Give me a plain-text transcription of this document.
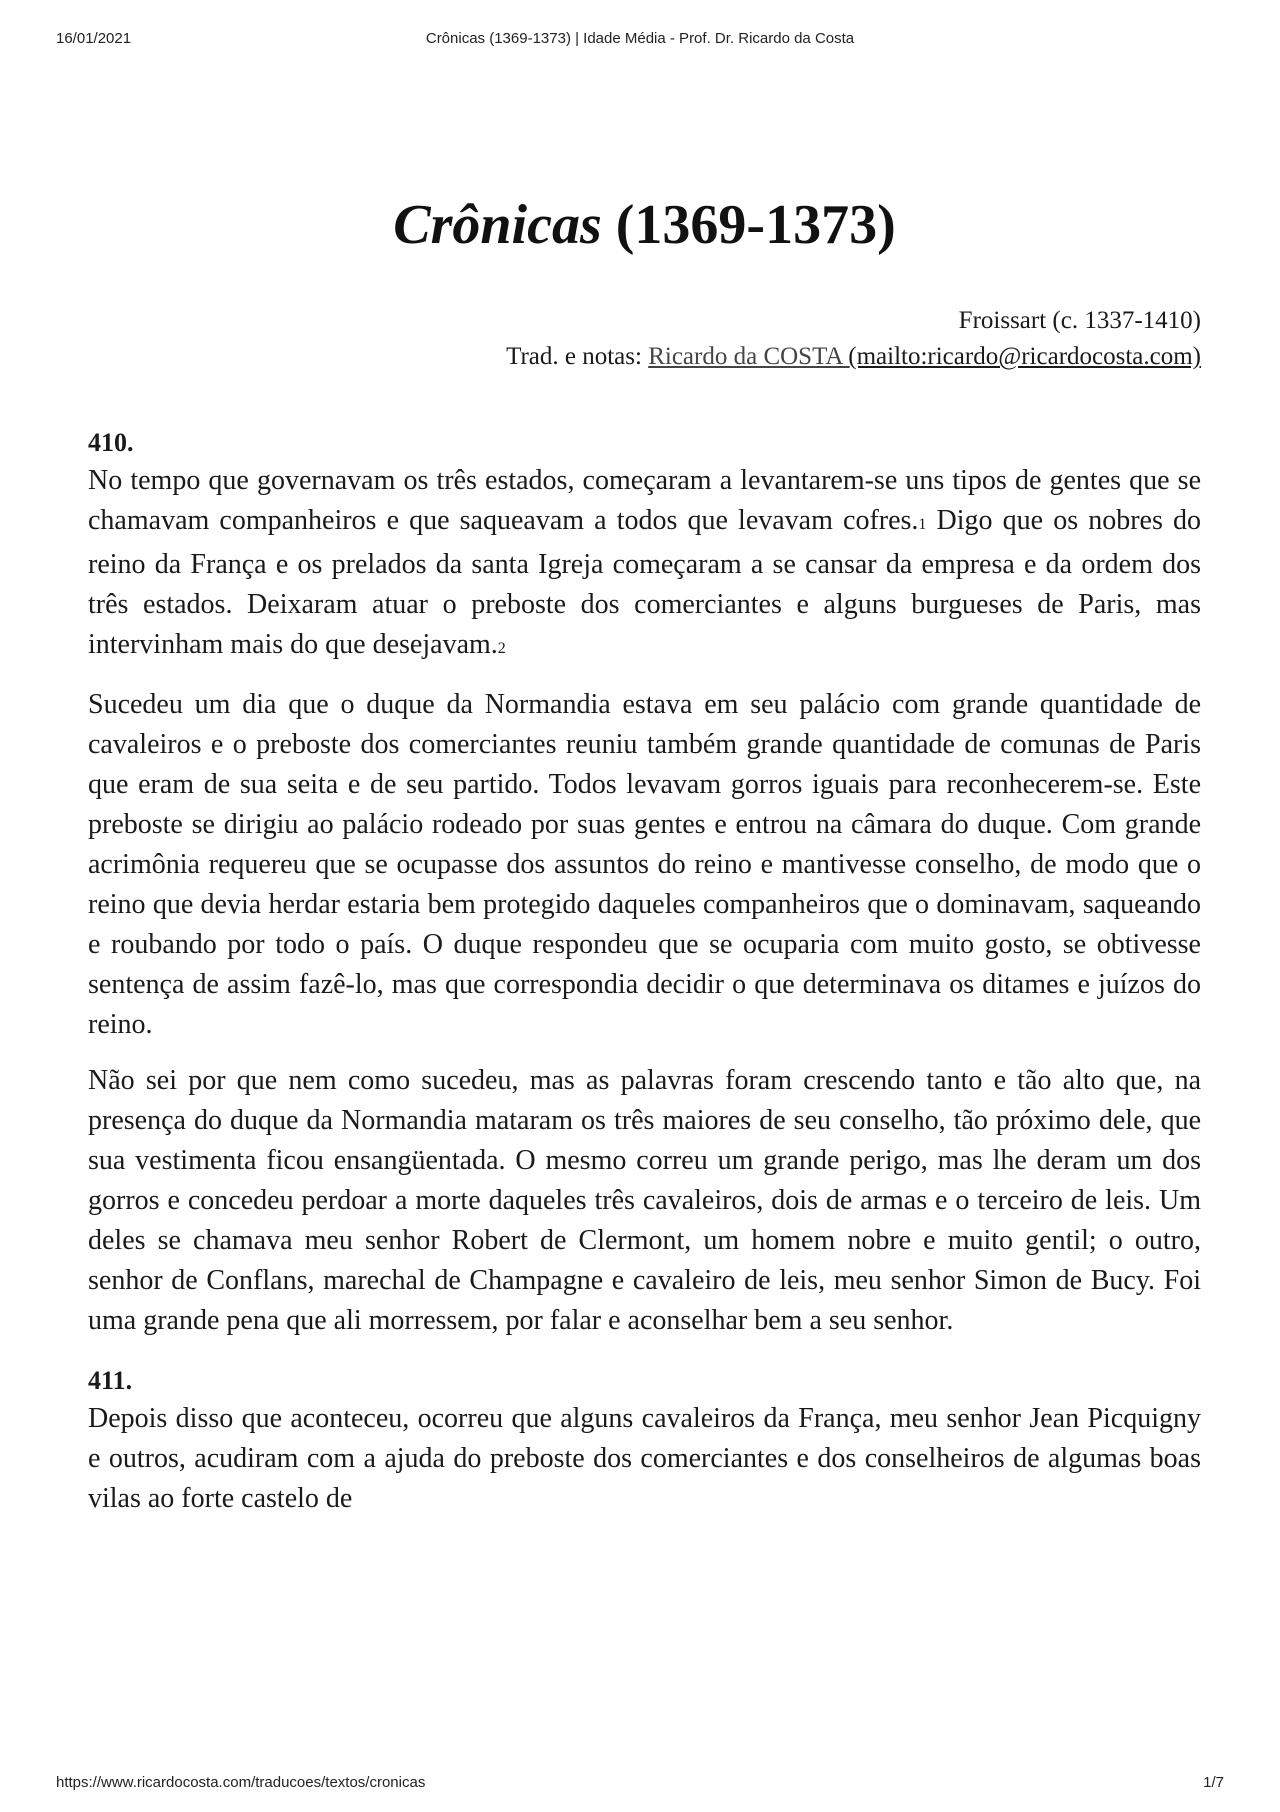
16/01/2021	Crônicas (1369-1373) | Idade Média - Prof. Dr. Ricardo da Costa
Crônicas (1369-1373)
Froissart (c. 1337-1410)
Trad. e notas: Ricardo da COSTA (mailto:ricardo@ricardocosta.com)
410.

No tempo que governavam os três estados, começaram a levantarem-se uns tipos de gentes que se chamavam companheiros e que saqueavam a todos que levavam cofres.1 Digo que os nobres do reino da França e os prelados da santa Igreja começaram a se cansar da empresa e da ordem dos três estados. Deixaram atuar o preboste dos comerciantes e alguns burgueses de Paris, mas intervinham mais do que desejavam.2

Sucedeu um dia que o duque da Normandia estava em seu palácio com grande quantidade de cavaleiros e o preboste dos comerciantes reuniu também grande quantidade de comunas de Paris que eram de sua seita e de seu partido. Todos levavam gorros iguais para reconhecerem-se. Este preboste se dirigiu ao palácio rodeado por suas gentes e entrou na câmara do duque. Com grande acrimônia requereu que se ocupasse dos assuntos do reino e mantivesse conselho, de modo que o reino que devia herdar estaria bem protegido daqueles companheiros que o dominavam, saqueando e roubando por todo o país. O duque respondeu que se ocuparia com muito gosto, se obtivesse sentença de assim fazê-lo, mas que correspondia decidir o que determinava os ditames e juízos do reino.

Não sei por que nem como sucedeu, mas as palavras foram crescendo tanto e tão alto que, na presença do duque da Normandia mataram os três maiores de seu conselho, tão próximo dele, que sua vestimenta ficou ensangüentada. O mesmo correu um grande perigo, mas lhe deram um dos gorros e concedeu perdoar a morte daqueles três cavaleiros, dois de armas e o terceiro de leis. Um deles se chamava meu senhor Robert de Clermont, um homem nobre e muito gentil; o outro, senhor de Conflans, marechal de Champagne e cavaleiro de leis, meu senhor Simon de Bucy. Foi uma grande pena que ali morressem, por falar e aconselhar bem a seu senhor.

411.

Depois disso que aconteceu, ocorreu que alguns cavaleiros da França, meu senhor Jean Picquigny e outros, acudiram com a ajuda do preboste dos comerciantes e dos conselheiros de algumas boas vilas ao forte castelo de

https://www.ricardocosta.com/traducoes/textos/cronicas	1/7
